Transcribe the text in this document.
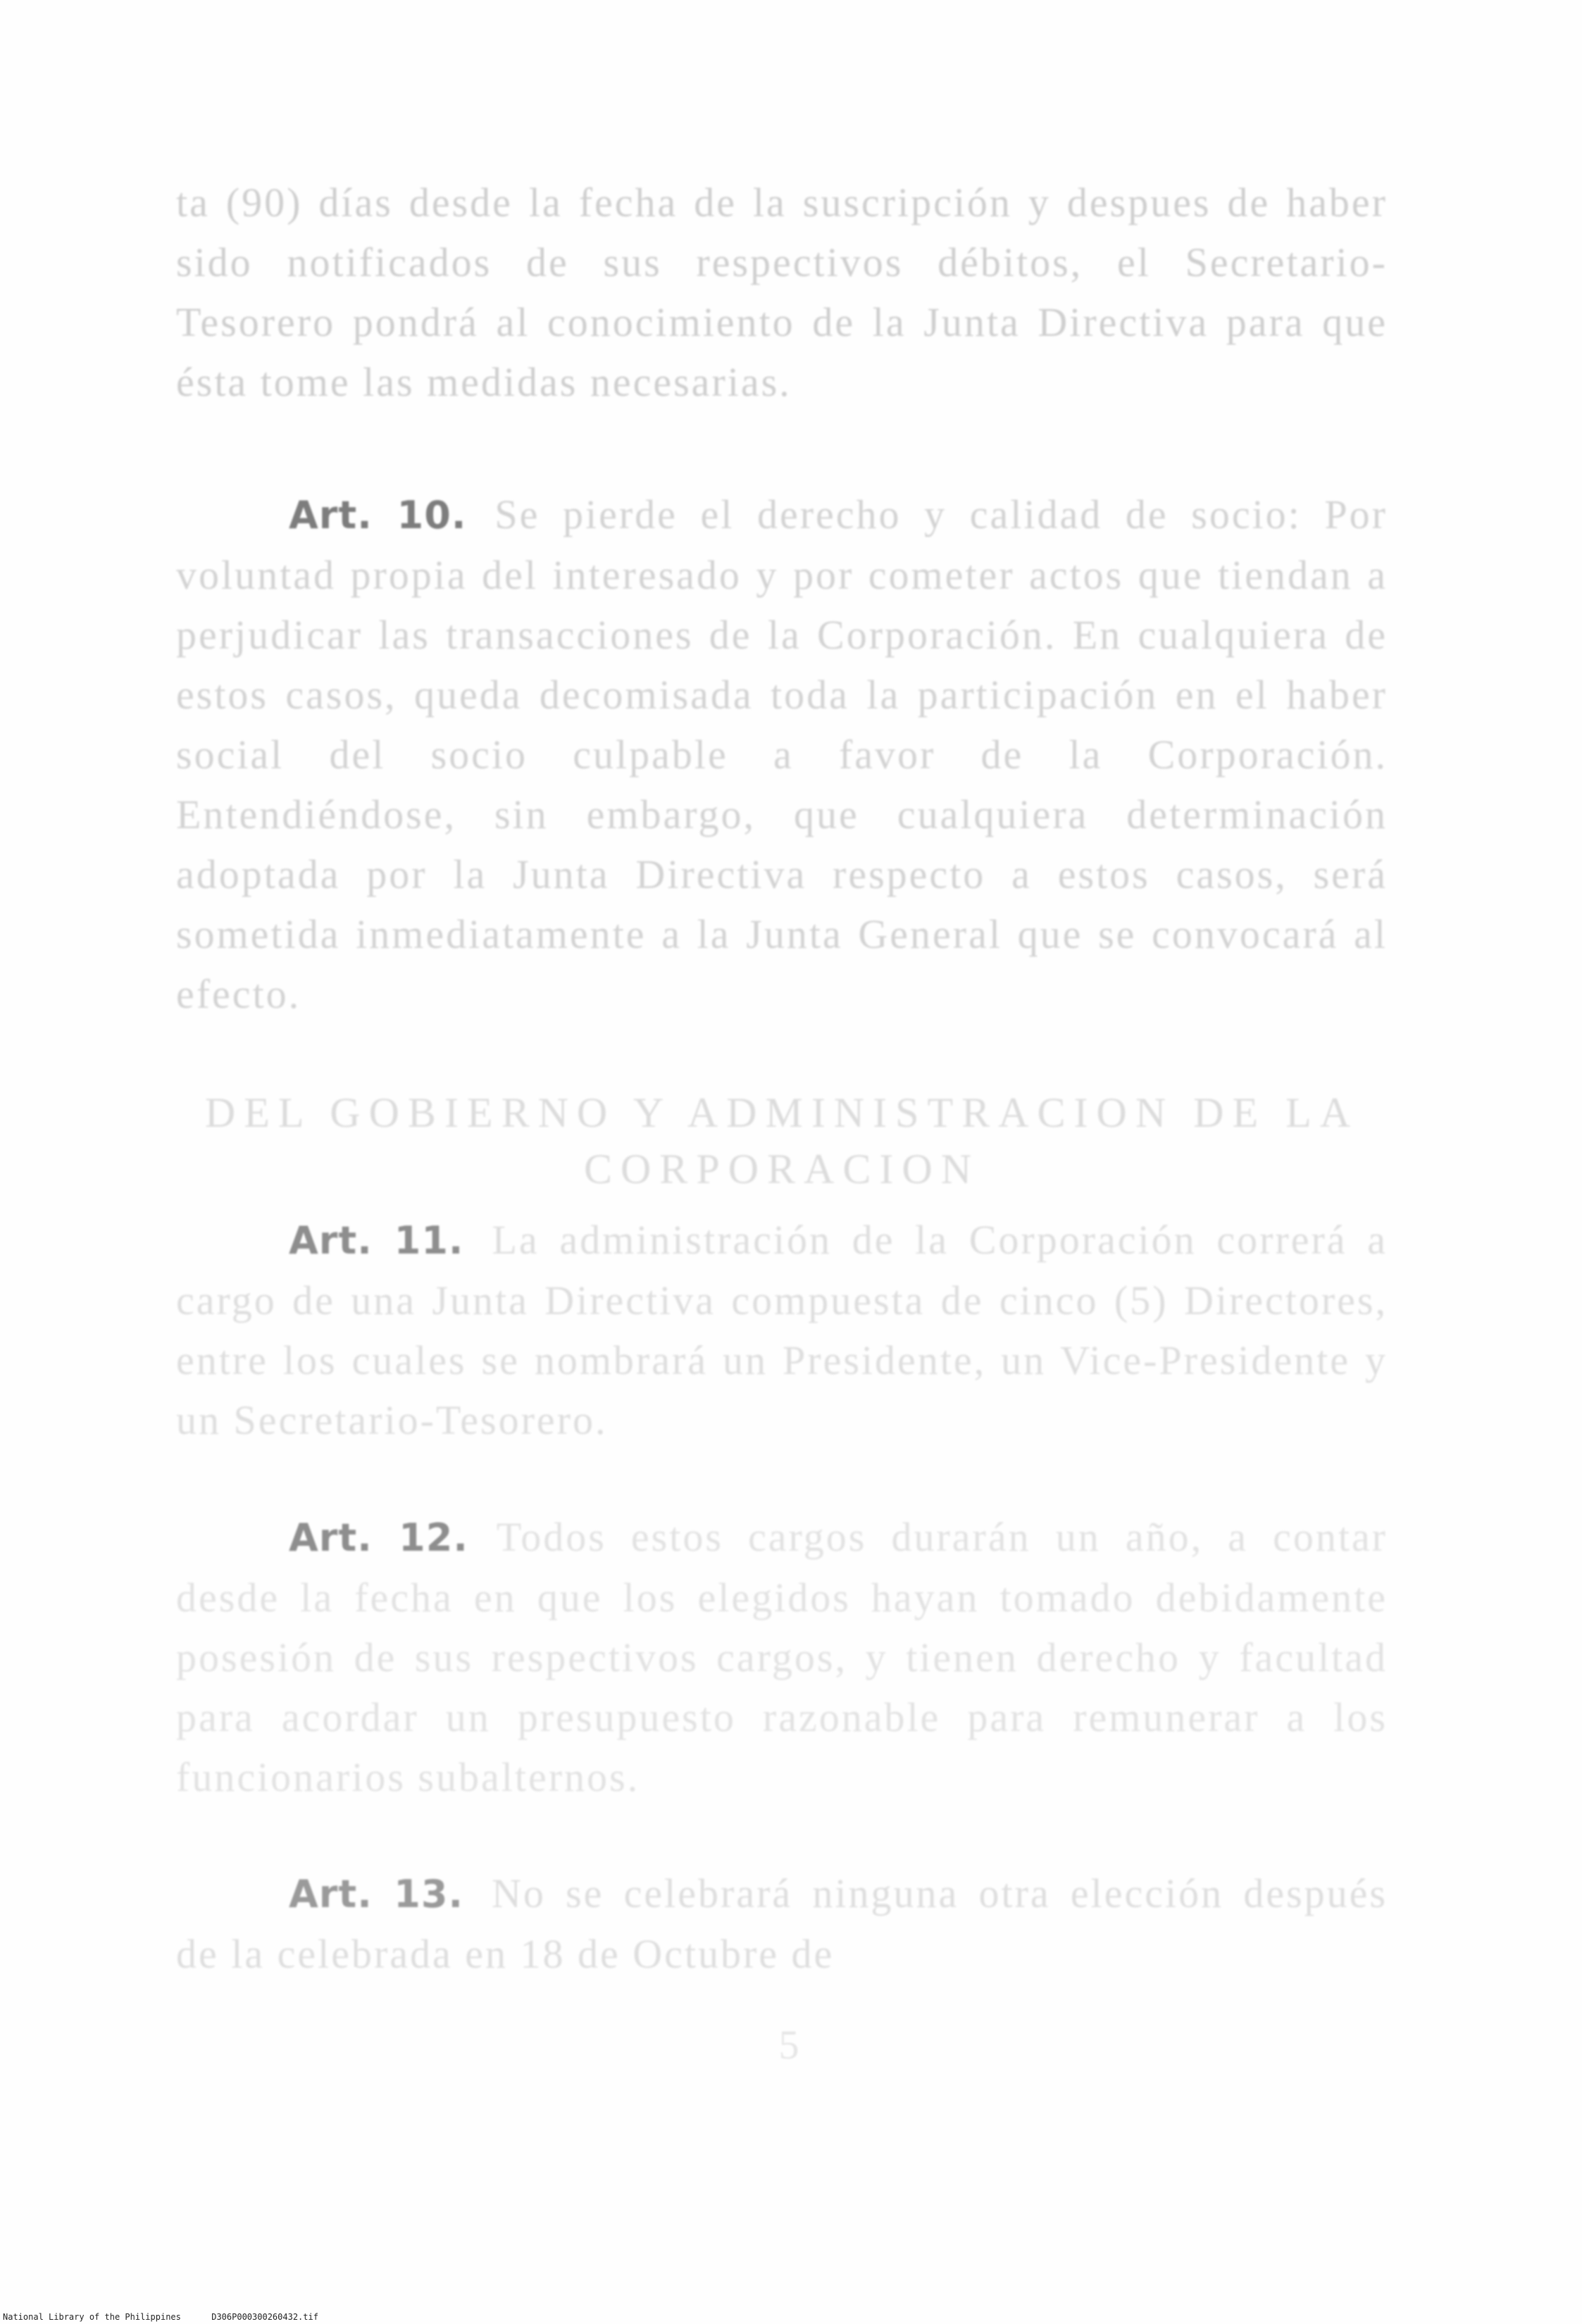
ta (90) días desde la fecha de la suscripción y despues de haber sido notificados de sus respectivos débitos, el Secretario-Tesorero pondrá al conocimiento de la Junta Directiva para que ésta tome las medidas necesarias.
Art. 10. Se pierde el derecho y calidad de socio: Por voluntad propia del interesado y por cometer actos que tiendan a perjudicar las transacciones de la Corporación. En cualquiera de estos casos, queda decomisada toda la participación en el haber social del socio culpable a favor de la Corporación. Entendiéndose, sin embargo, que cualquiera determinación adoptada por la Junta Directiva respecto a estos casos, será sometida inmediatamente a la Junta General que se convocará al efecto.
DEL GOBIERNO Y ADMINISTRACION DE LA
CORPORACION
Art. 11. La administración de la Corporación correrá a cargo de una Junta Directiva compuesta de cinco (5) Directores, entre los cuales se nombrará un Presidente, un Vice-Presidente y un Secretario-Tesorero.
Art. 12. Todos estos cargos durarán un año, a contar desde la fecha en que los elegidos hayan tomado debidamente posesión de sus respectivos cargos, y tienen derecho y facultad para acordar un presupuesto razonable para remunerar a los funcionarios subalternos.
Art. 13. No se celebrará ninguna otra elección después de la celebrada en 18 de Octubre de
5
National Library of the Philippines	D306P000300260432.tif
